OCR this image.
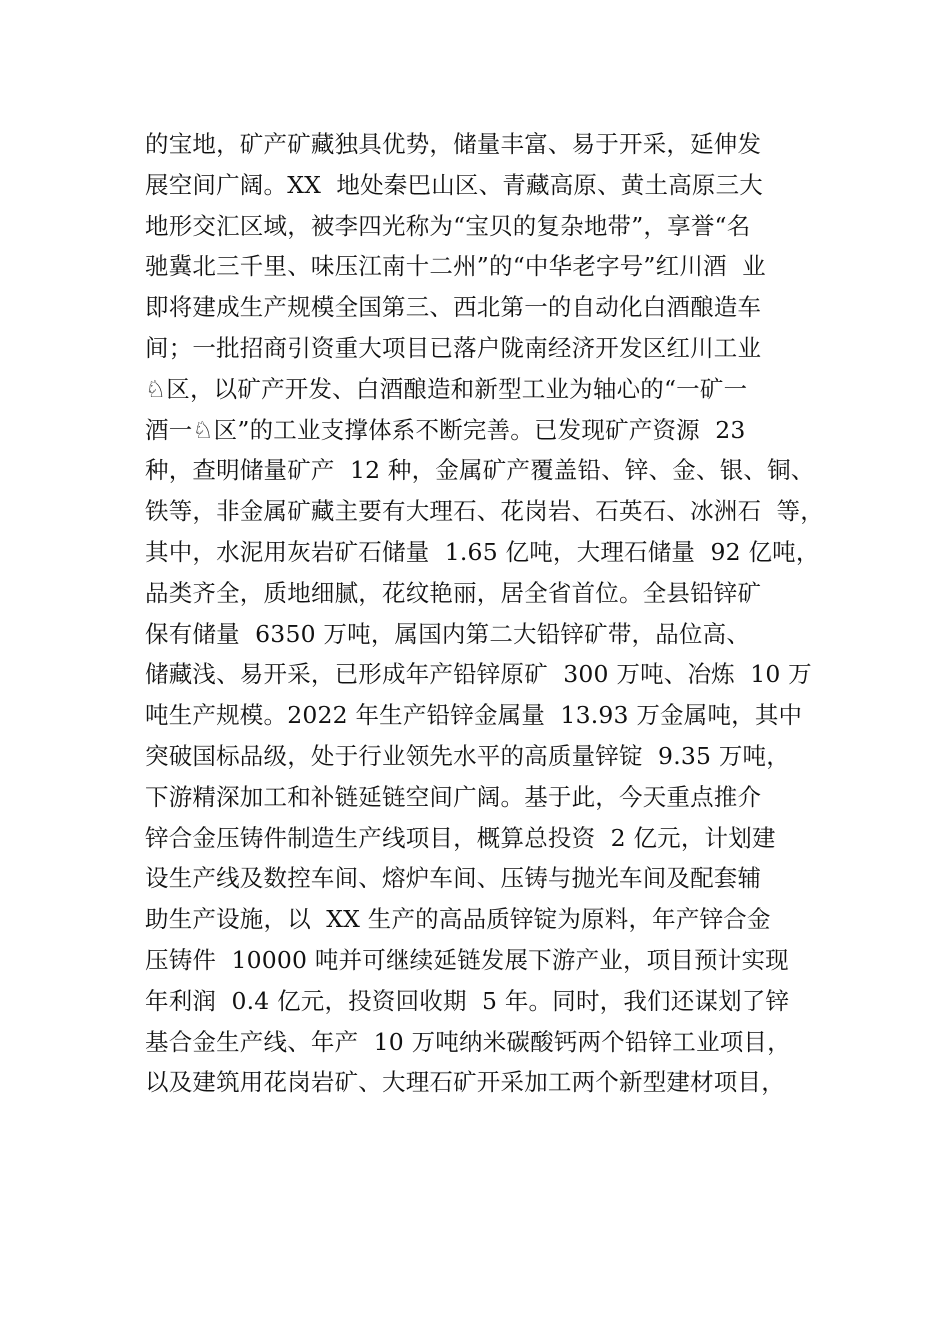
的宝地，矿产矿藏独具优势，储量丰富、易于开采，延伸发
展空间广阔。XX  地处秦巴山区、青藏高原、黄土高原三大
地形交汇区域，被李四光称为“宝贝的复杂地带”，享誉“名
驰冀北三千里、味压江南十二州”的“中华老字号”红川酒  业
即将建成生产规模全国第三、西北第一的自动化白酒酿造车
间；一批招商引资重大项目已落户陇南经济开发区红川工业
♘区，以矿产开发、白酒酿造和新型工业为轴心的“一矿一
酒一♘区”的工业支撑体系不断完善。已发现矿产资源  23
种，查明储量矿产  12 种，金属矿产覆盖铅、锌、金、银、铜、
铁等，非金属矿藏主要有大理石、花岗岩、石英石、冰洲石  等，
其中，水泥用灰岩矿石储量  1.65 亿吨，大理石储量  92 亿吨，
品类齐全，质地细腻，花纹艳丽，居全省首位。全县铅锌矿
保有储量  6350 万吨，属国内第二大铅锌矿带，品位高、
储藏浅、易开采，已形成年产铅锌原矿  300 万吨、冶炼  10 万
吨生产规模。2022 年生产铅锌金属量  13.93 万金属吨，其中
突破国标品级，处于行业领先水平的高质量锌锭  9.35 万吨，
下游精深加工和补链延链空间广阔。基于此，今天重点推介
锌合金压铸件制造生产线项目，概算总投资  2 亿元，计划建
设生产线及数控车间、熔炉车间、压铸与抛光车间及配套辅
助生产设施，以  XX 生产的高品质锌锭为原料，年产锌合金
压铸件  10000 吨并可继续延链发展下游产业，项目预计实现
年利润  0.4 亿元，投资回收期  5 年。同时，我们还谋划了锌
基合金生产线、年产  10 万吨纳米碳酸钙两个铅锌工业项目，
以及建筑用花岗岩矿、大理石矿开采加工两个新型建材项目，
